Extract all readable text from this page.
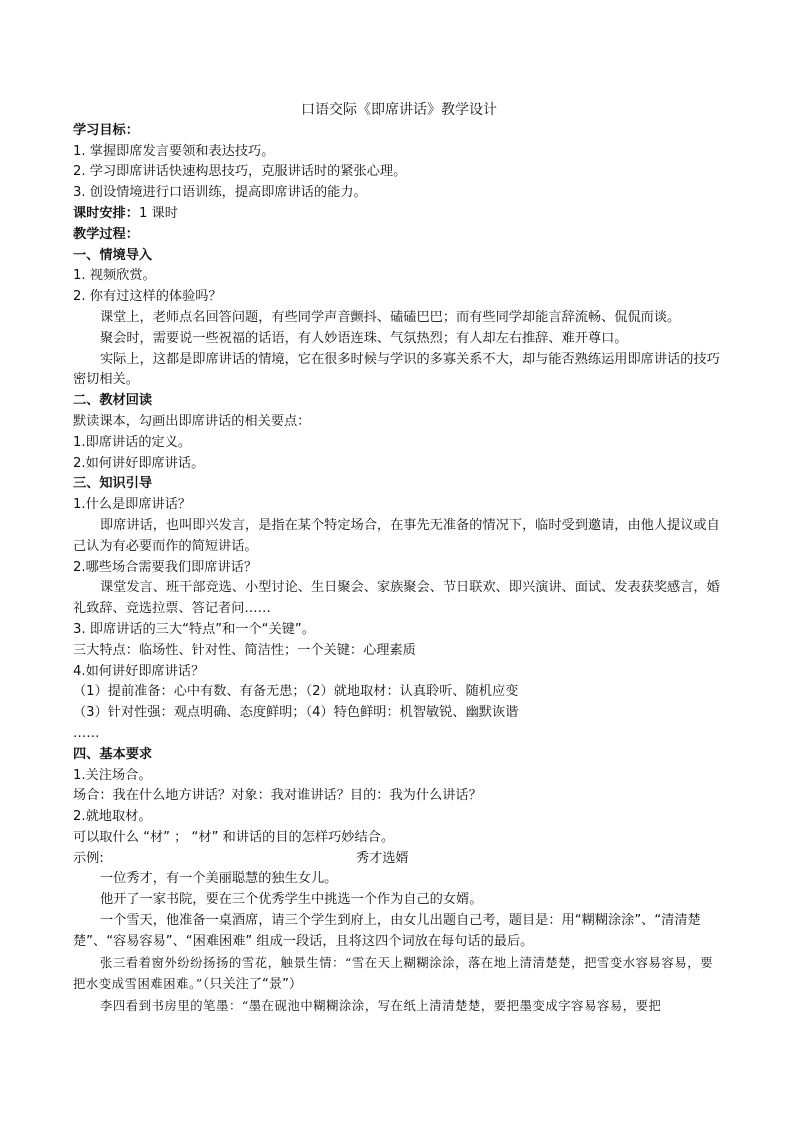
口语交际《即席讲话》教学设计

学习目标：

1. 掌握即席发言要领和表达技巧。

2. 学习即席讲话快速构思技巧，克服讲话时的紧张心理。

3. 创设情境进行口语训练，提高即席讲话的能力。

课时安排：1 课时

教学过程：

一、情境导入

1. 视频欣赏。

2. 你有过这样的体验吗？

课堂上，老师点名回答问题，有些同学声音颤抖、磕磕巴巴；而有些同学却能言辞流畅、侃侃而谈。

聚会时，需要说一些祝福的话语，有人妙语连珠、气氛热烈；有人却左右推辞、难开尊口。

实际上，这都是即席讲话的情境，它在很多时候与学识的多寡关系不大，却与能否熟练运用即席讲话的技巧密切相关。

二、教材回读

默读课本，勾画出即席讲话的相关要点：

1.即席讲话的定义。

2.如何讲好即席讲话。

三、知识引导

1.什么是即席讲话？

即席讲话，也叫即兴发言，是指在某个特定场合，在事先无准备的情况下，临时受到邀请，由他人提议或自己认为有必要而作的简短讲话。

2.哪些场合需要我们即席讲话？

课堂发言、班干部竞选、小型讨论、生日聚会、家族聚会、节日联欢、即兴演讲、面试、发表获奖感言，婚礼致辞、竞选拉票、答记者问……

3. 即席讲话的三大“特点”和一个“关键”。

三大特点：临场性、针对性、简洁性；一个关键：心理素质

4.如何讲好即席讲话？

（1）提前准备：心中有数、有备无患；（2）就地取材：认真聆听、随机应变

（3）针对性强：观点明确、态度鲜明；（4）特色鲜明：机智敏锐、幽默诙谐

……

四、基本要求

1.关注场合。

场合：我在什么地方讲话？对象：我对谁讲话？目的：我为什么讲话？

2.就地取材。

可以取什么 “材” ； “材” 和讲话的目的怎样巧妙结合。

示例:	秀才选婿

一位秀才，有一个美丽聪慧的独生女儿。

他开了一家书院，要在三个优秀学生中挑选一个作为自己的女婿。

一个雪天，他准备一桌酒席，请三个学生到府上，由女儿出题自己考，题目是：用“糊糊涂涂”、“清清楚楚”、“容易容易”、“困难困难” 组成一段话，且将这四个词放在每句话的最后。

张三看着窗外纷纷扬扬的雪花，触景生情：“雪在天上糊糊涂涂，落在地上清清楚楚，把雪变水容易容易，要把水变成雪困难困难。”（只关注了“景”）

李四看到书房里的笔墨：“墨在砚池中糊糊涂涂，写在纸上清清楚楚，要把墨变成字容易容易，要把
